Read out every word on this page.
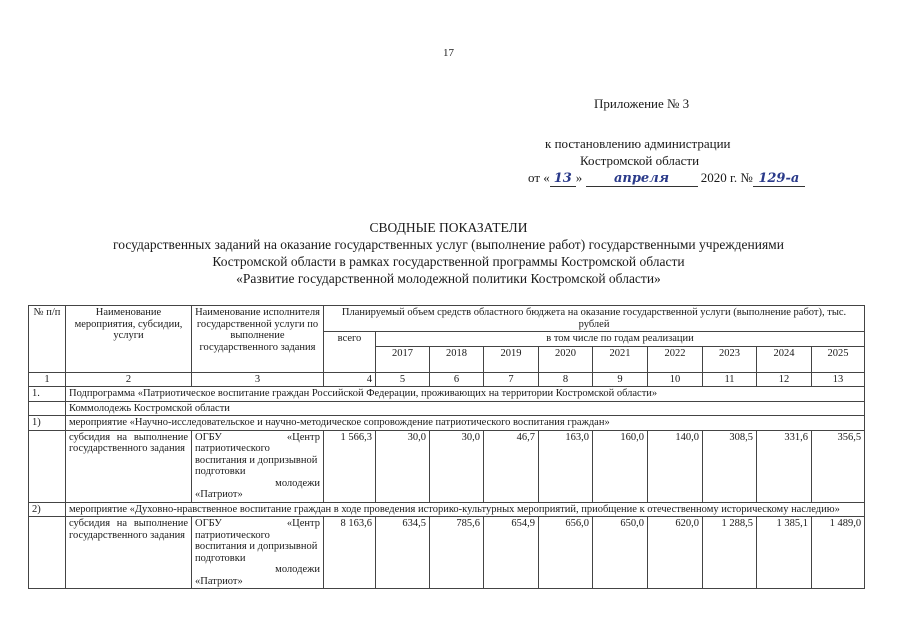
17
Приложение № 3
к постановлению администрации
Костромской области
от « 13 » апреля 2020 г. № 129-а
СВОДНЫЕ ПОКАЗАТЕЛИ
государственных заданий на оказание государственных услуг (выполнение работ) государственными учреждениями
Костромской области в рамках государственной программы Костромской области
«Развитие государственной молодежной политики Костромской области»
№ п/п	Наименование мероприятия, субсидии, услуги	Наименование исполнителя государственной услуги по выполнение государственного задания	Планируемый объем средств областного бюджета на оказание государственной услуги (выполнение работ), тыс. рублей									
			всего	в том числе по годам реализации								
				2017	2018	2019	2020	2021	2022	2023	2024	2025
1	2	3	4	5	6	7	8	9	10	11	12	13
1.	Подпрограмма «Патриотическое воспитание граждан Российской Федерации, проживающих на территории Костромской области»											
	Коммолодежь Костромской области											
1)	мероприятие «Научно-исследовательское и научно-методическое сопровождение патриотического воспитания граждан»											
	субсидия на выполнение государственного задания	ОГБУ «Центр
патриотического воспитания и допризывной подготовки
молодежи
«Патриот»	1 566,3	30,0	30,0	46,7	163,0	160,0	140,0	308,5	331,6	356,5
2)	мероприятие «Духовно-нравственное воспитание граждан в ходе проведения историко-культурных мероприятий, приобщение к отечественному историческому наследию»											
	субсидия на выполнение государственного задания	ОГБУ «Центр
патриотического воспитания и допризывной подготовки
молодежи
«Патриот»	8 163,6	634,5	785,6	654,9	656,0	650,0	620,0	1 288,5	1 385,1	1 489,0
